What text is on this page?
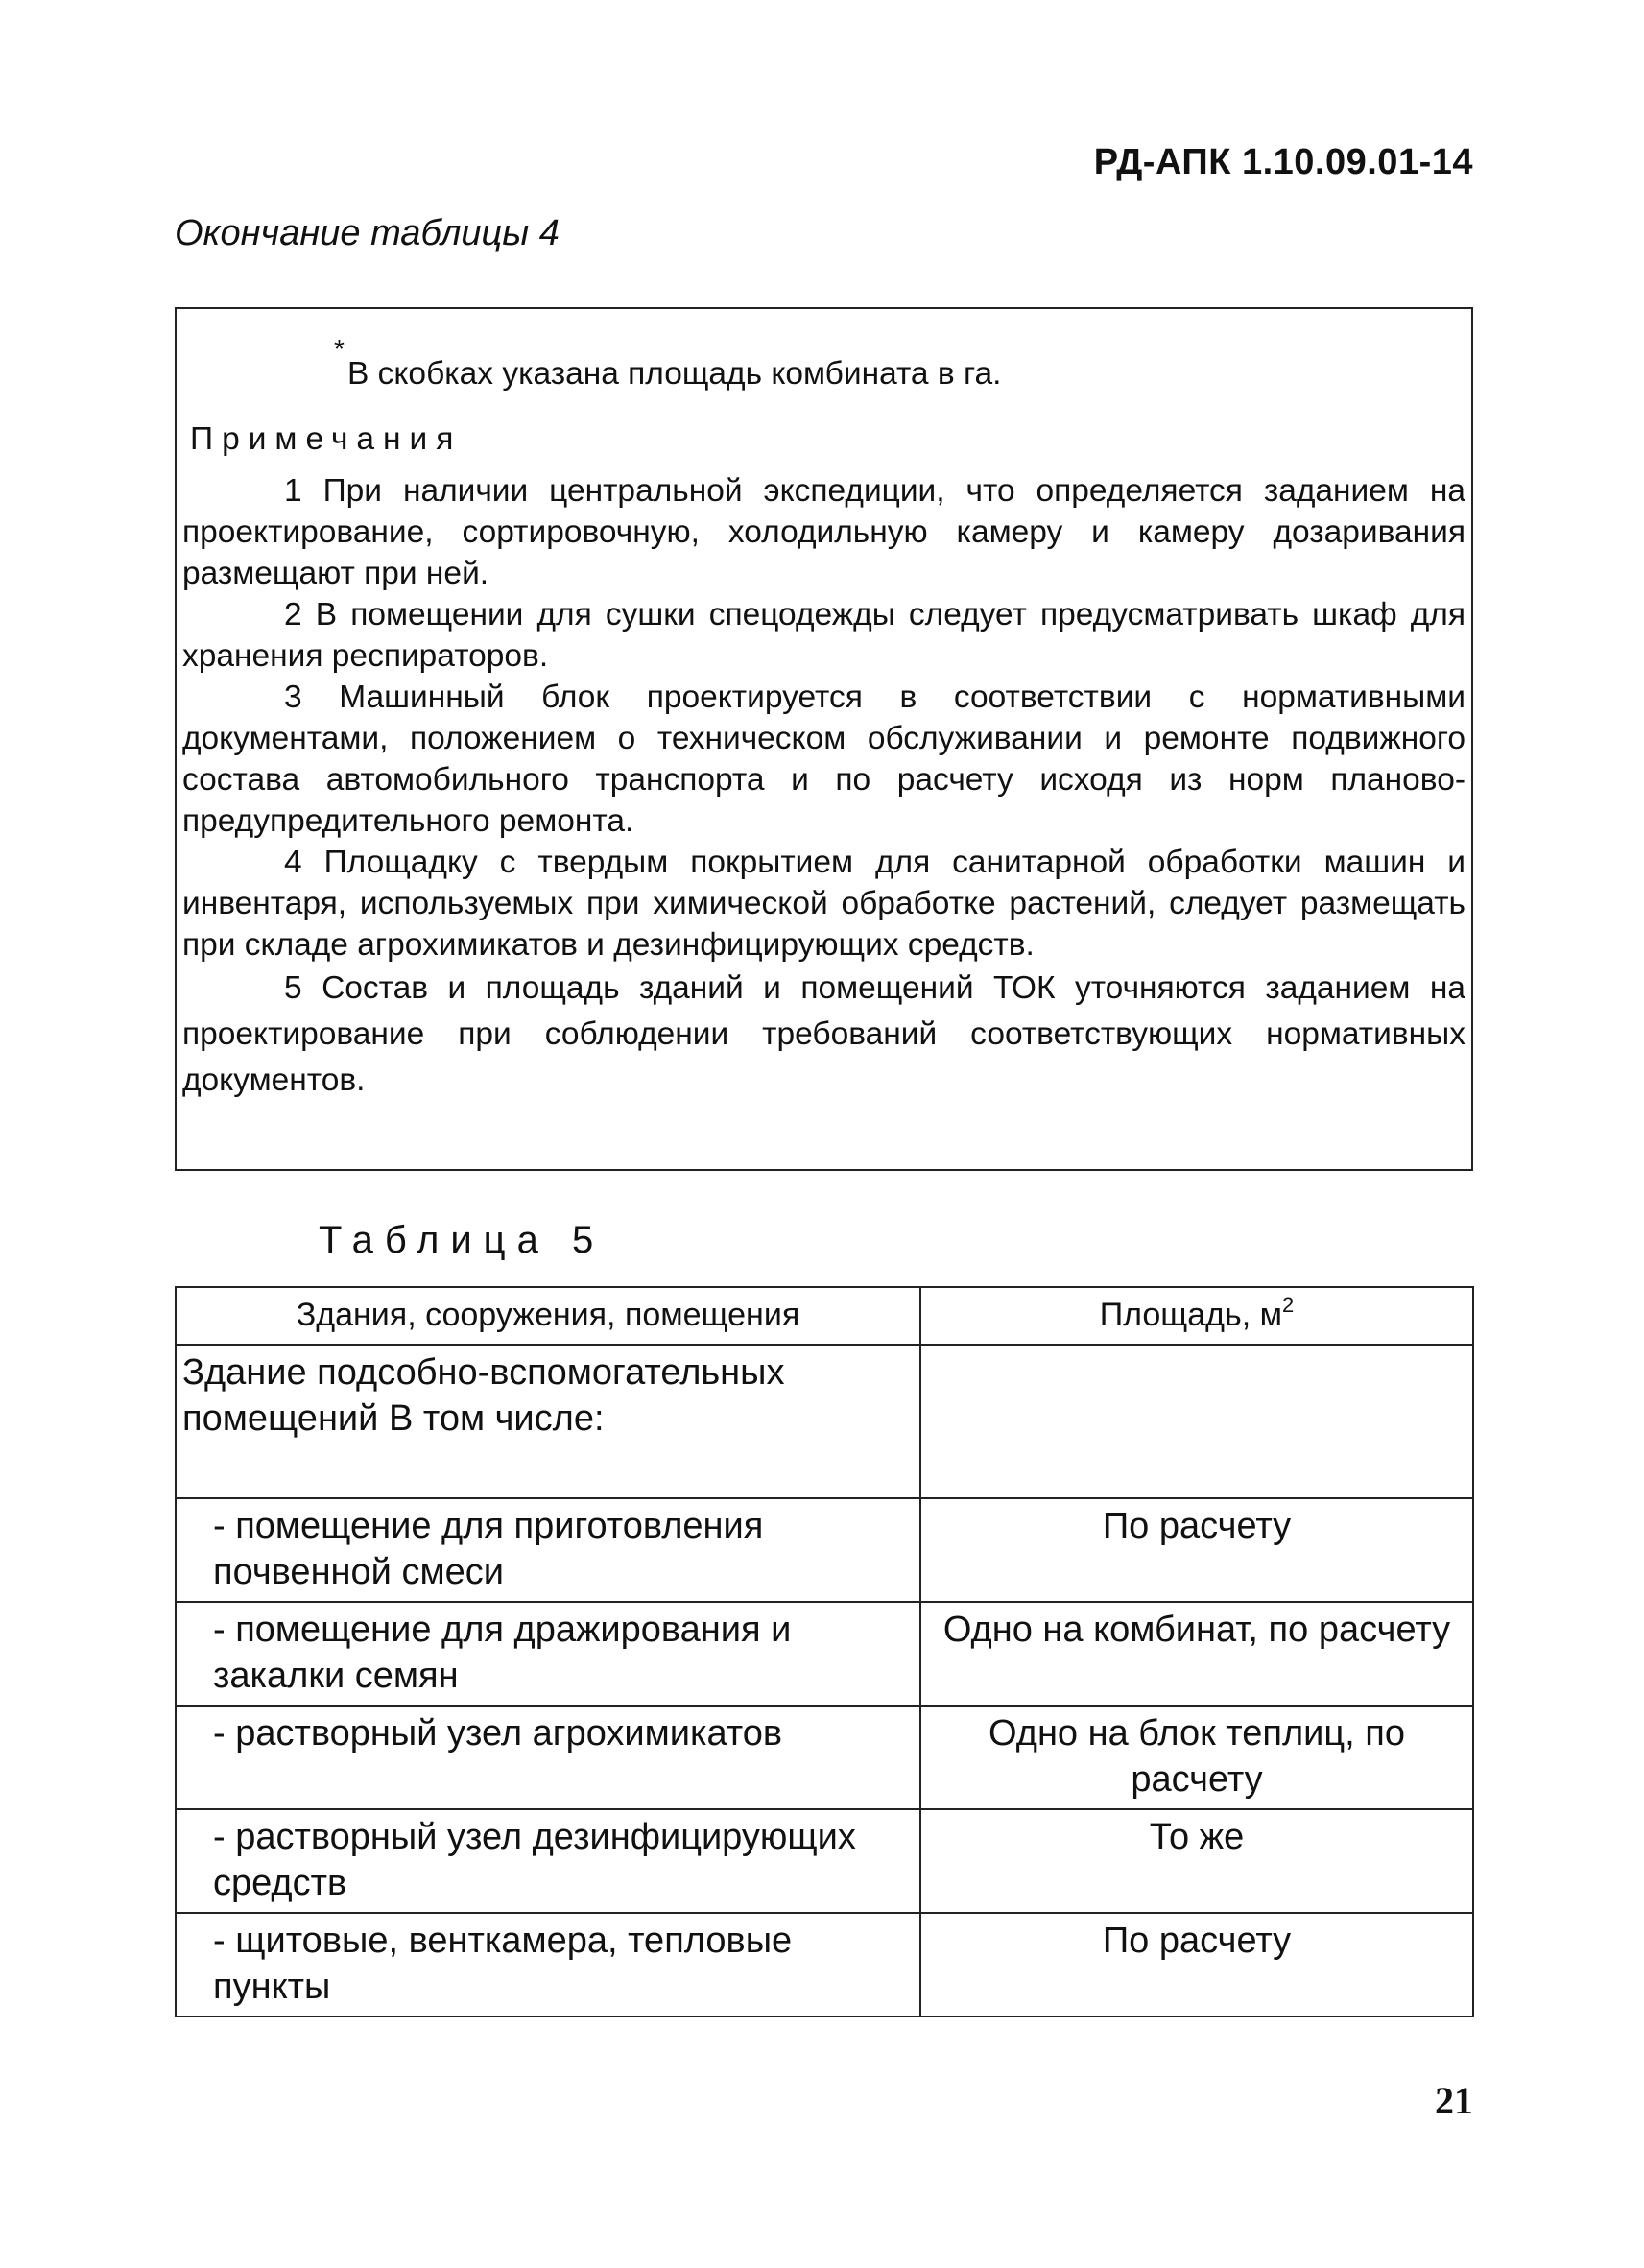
РД-АПК 1.10.09.01-14
Окончание таблицы 4
*
В скобках указана площадь комбината в га.
Примечания

1 При наличии центральной экспедиции, что определяется заданием на проектирование, сортировочную, холодильную камеру и камеру дозаривания размещают при ней.

2 В помещении для сушки спецодежды следует предусматривать шкаф для хранения респираторов.

3 Машинный блок проектируется в соответствии с нормативными документами, положением о техническом обслуживании и ремонте подвижного состава автомобильного транспорта и по расчету исходя из норм планово-предупредительного ремонта.

4 Площадку с твердым покрытием для санитарной обработки машин и инвентаря, используемых при химической обработке растений, следует размещать при складе агрохимикатов и дезинфицирующих средств.

5 Состав и площадь зданий и помещений ТОК уточняются заданием на проектирование при соблюдении требований соответствующих нормативных документов.

Таблица 5
Здания, сооружения, помещения	Площадь, $м^2$
Здание подсобно-вспомогательных помещений В том числе:	
- помещение для приготовления почвенной смеси	По расчету
- помещение для дражирования и закалки семян	Одно на комбинат, по расчету
- растворный узел агрохимикатов	Одно на блок теплиц, по расчету
- растворный узел дезинфицирующих средств	То же
- щитовые, венткамера, тепловые пункты	По расчету
21
